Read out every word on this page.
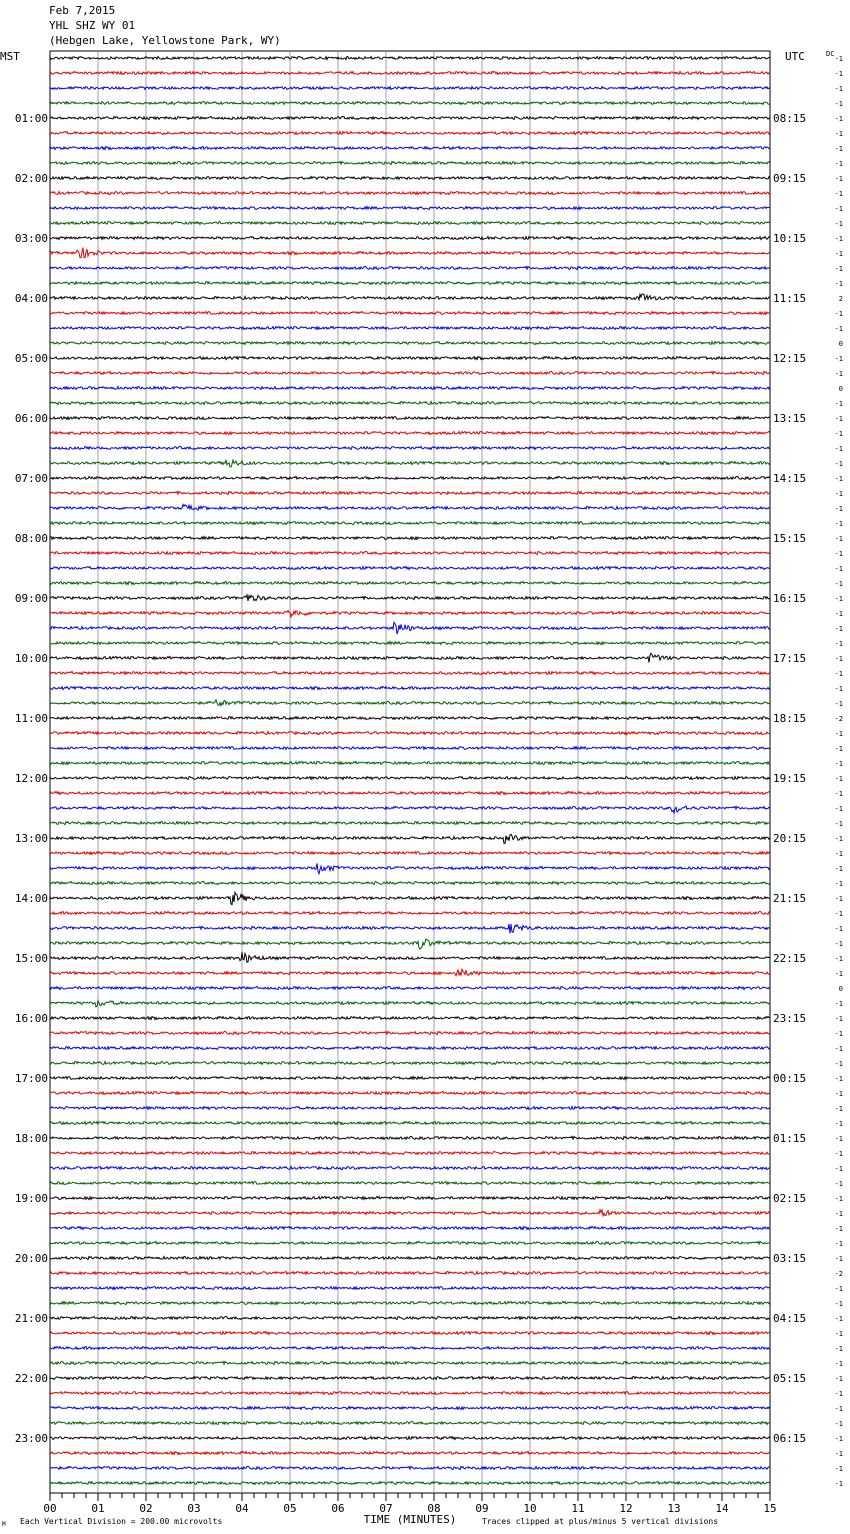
Feb 7,2015
YHL SHZ WY 01
(Hebgen Lake, Yellowstone Park, WY)
-1
-1
-1
-1
-1
-1
-1
-1
-1
-1
-1
-1
-1
-1
-1
-1
2
-1
-1
0
-1
-1
0
-1
-1
-1
-1
-1
-1
-1
-1
-1
-1
-1
-1
-1
-1
-1
-1
-1
-1
-1
-1
-1
-2
-1
-1
-1
-1
-1
-1
-1
-1
-1
-1
-1
-1
-1
-1
-1
-1
-1
0
-1
-1
-1
-1
-1
-1
-1
-1
-1
-1
-1
-1
-1
-1
-1
-1
-1
-1
-2
-1
-1
-1
-1
-1
-1
-1
-1
-1
-1
-1
-1
-1
-1
MST	UTC	DC
01:00
02:00
03:00
04:00
05:00
06:00
07:00
08:00
09:00
10:00
11:00
12:00
13:00
14:00
15:00
16:00
17:00
18:00
19:00
20:00
21:00
22:00
23:00
08:15
09:15
10:15
11:15
12:15
13:15
14:15
15:15
16:15
17:15
18:15
19:15
20:15
21:15
22:15
23:15
00:15
01:15
02:15
03:15
04:15
05:15
06:15
00	01	02	03	04	05	06	07	08	09	10	11	12	13	14	15
TIME (MINUTES)
Each Vertical Division = 200.00 microvolts	Traces clipped at plus/minus 5 vertical divisions
M
